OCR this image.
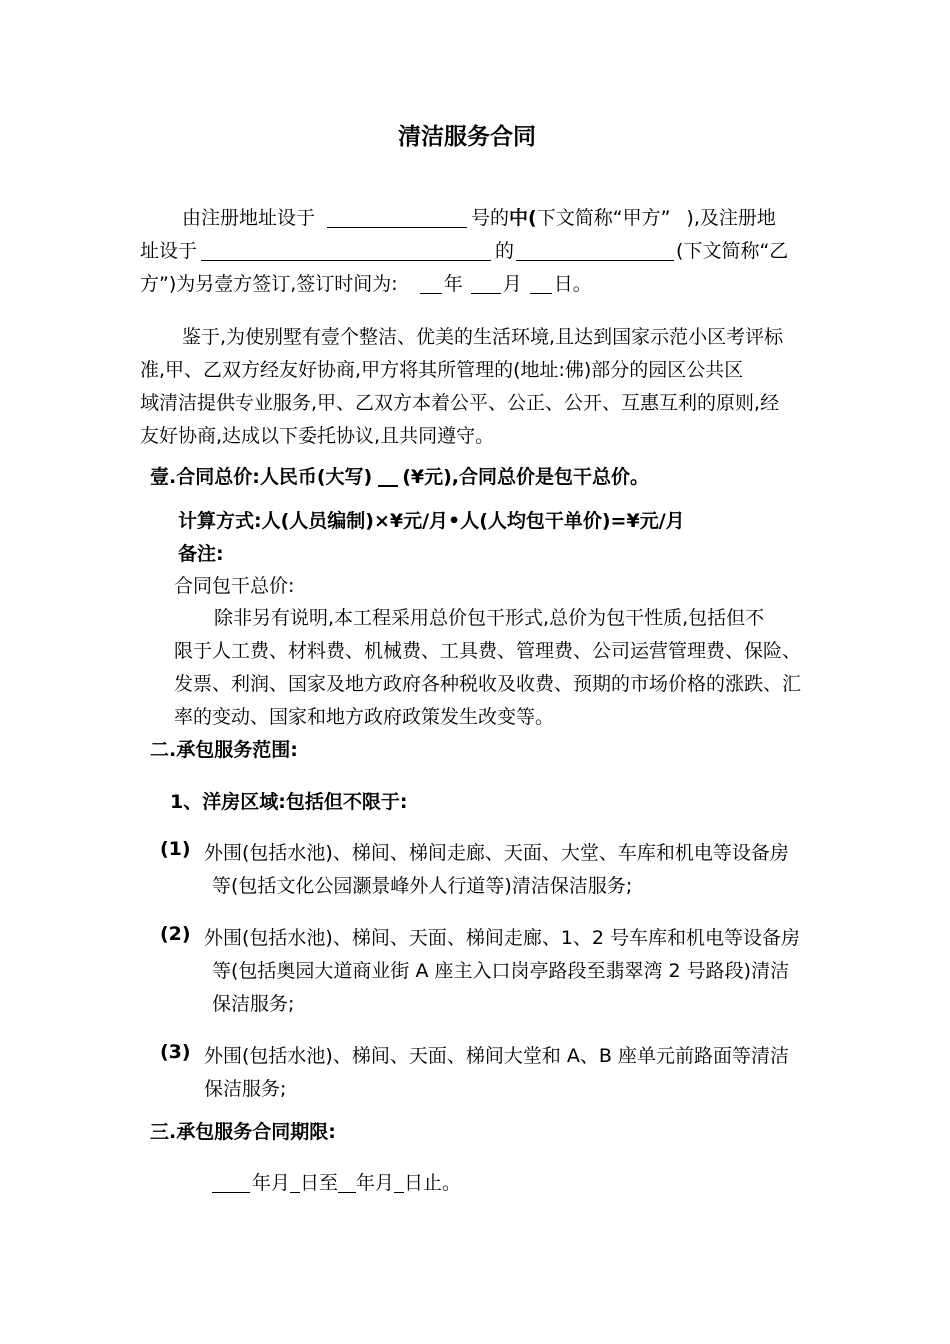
清洁服务合同
由注册地址设于	号的中(下文简称“甲方” ),及注册地
址设于	的	(下文简称“乙
方”)为另壹方签订,签订时间为: 年 月 日。
鉴于,为使别墅有壹个整洁、优美的生活环境,且达到国家示范小区考评标
准,甲、乙双方经友好协商,甲方将其所管理的(地址:佛)部分的园区公共区
域清洁提供专业服务,甲、乙双方本着公平、公正、公开、互惠互利的原则,经
友好协商,达成以下委托协议,且共同遵守。
壹.合同总价:人民币(大写) (¥元),合同总价是包干总价。
计算方式:人(人员编制)×¥元/月•人(人均包干单价)=¥元/月
备注:
合同包干总价:
除非另有说明,本工程采用总价包干形式,总价为包干性质,包括但不
限于人工费、材料费、机械费、工具费、管理费、公司运营管理费、保险、
发票、利润、国家及地方政府各种税收及收费、预期的市场价格的涨跌、汇
率的变动、国家和地方政府政策发生改变等。
二.承包服务范围:
1、洋房区域:包括但不限于:
(1) 外围(包括水池)、梯间、梯间走廊、天面、大堂、车库和机电等设备房
等(包括文化公园灏景峰外人行道等)清洁保洁服务;
(2) 外围(包括水池)、梯间、天面、梯间走廊、1、2 号车库和机电等设备房
等(包括奥园大道商业街 A 座主入口岗亭路段至翡翠湾 2 号路段)清洁
保洁服务;
(3) 外围(包括水池)、梯间、天面、梯间大堂和 A、B 座单元前路面等清洁
保洁服务;
三.承包服务合同期限:
年月 日至 年月 日止。
